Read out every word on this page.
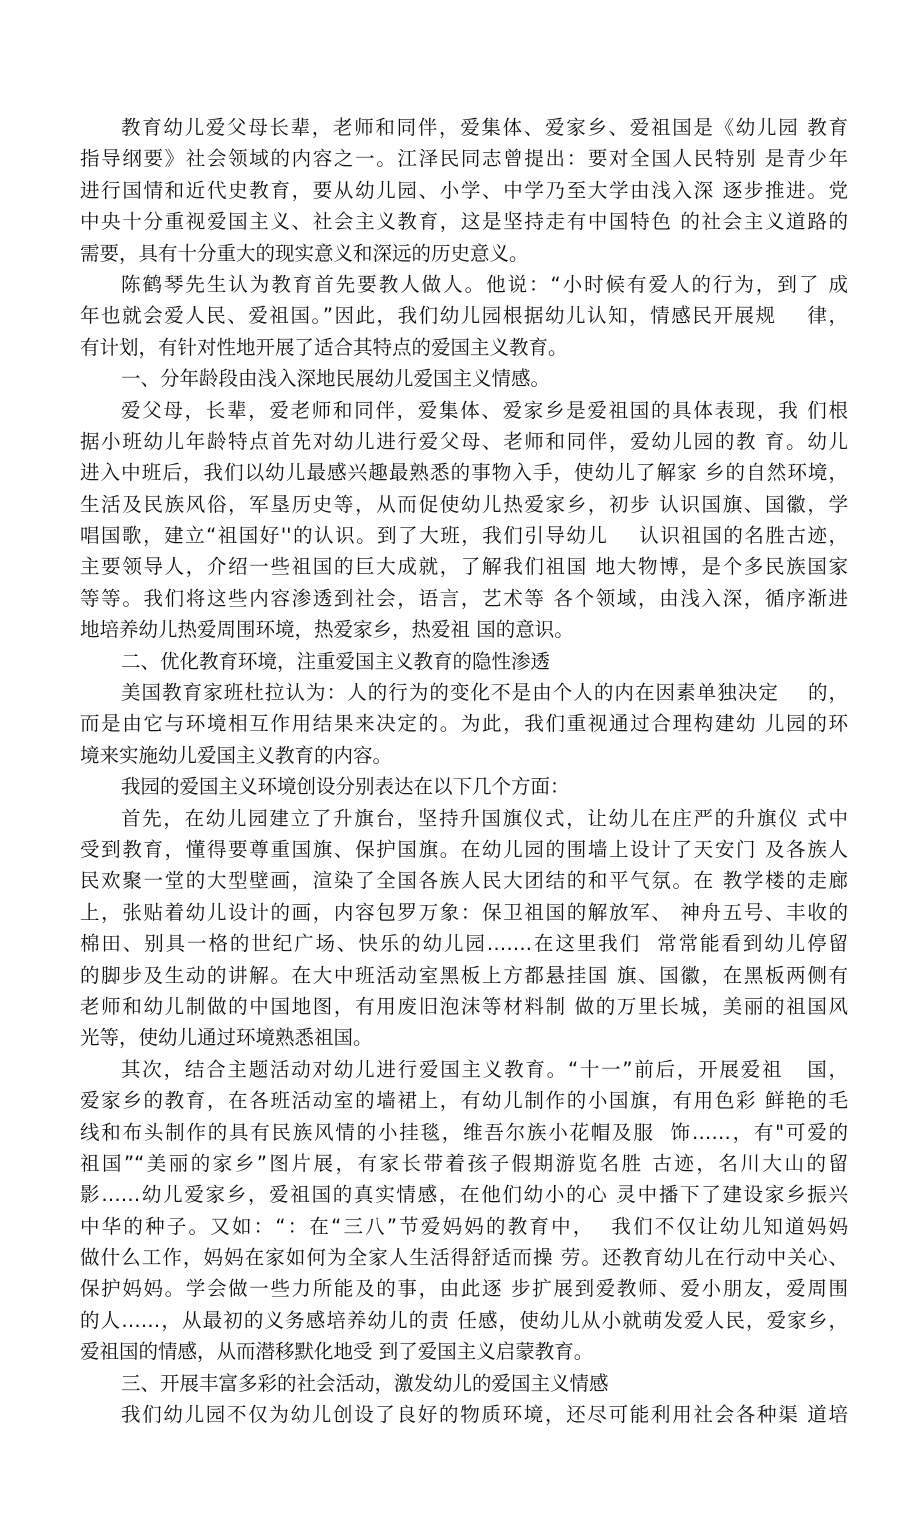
教育幼儿爱父母长辈，老师和同伴，爱集体、爱家乡、爱祖国是《幼儿园 教育
指导纲要》社会领域的内容之一。江泽民同志曾提出：要对全国人民特别 是青少年
进行国情和近代史教育，要从幼儿园、小学、中学乃至大学由浅入深 逐步推进。党
中央十分重视爱国主义、社会主义教育，这是坚持走有中国特色 的社会主义道路的
需要，具有十分重大的现实意义和深远的历史意义。
陈鹤琴先生认为教育首先要教人做人。他说：“小时候有爱人的行为，到了 成
年也就会爱人民、爱祖国。”因此，我们幼儿园根据幼儿认知，情感民开展规    律，
有计划，有针对性地开展了适合其特点的爱国主义教育。
一、分年龄段由浅入深地民展幼儿爱国主义情感。
爱父母，长辈，爱老师和同伴，爱集体、爱家乡是爱祖国的具体表现，我 们根
据小班幼儿年龄特点首先对幼儿进行爱父母、老师和同伴，爱幼儿园的教 育。幼儿
进入中班后，我们以幼儿最感兴趣最熟悉的事物入手，使幼儿了解家 乡的自然环境，
生活及民族风俗，军垦历史等，从而促使幼儿热爱家乡，初步 认识国旗、国徽，学
唱国歌，建立“祖国好''的认识。到了大班，我们引导幼儿    认识祖国的名胜古迹，
主要领导人，介绍一些祖国的巨大成就，了解我们祖国 地大物博，是个多民族国家
等等。我们将这些内容渗透到社会，语言，艺术等 各个领域，由浅入深，循序渐进
地培养幼儿热爱周围环境，热爱家乡，热爱祖 国的意识。
二、优化教育环境，注重爱国主义教育的隐性渗透
美国教育家班杜拉认为：人的行为的变化不是由个人的内在因素单独决定    的，
而是由它与环境相互作用结果来决定的。为此，我们重视通过合理构建幼 儿园的环
境来实施幼儿爱国主义教育的内容。
我园的爱国主义环境创设分别表达在以下几个方面：
首先，在幼儿园建立了升旗台，坚持升国旗仪式，让幼儿在庄严的升旗仪 式中
受到教育，懂得要尊重国旗、保护国旗。在幼儿园的围墙上设计了天安门 及各族人
民欢聚一堂的大型壁画，渲染了全国各族人民大团结的和平气氛。在 教学楼的走廊
上，张贴着幼儿设计的画，内容包罗万象：保卫祖国的解放军、 神舟五号、丰收的
棉田、别具一格的世纪广场、快乐的幼儿园…….在这里我们  常常能看到幼儿停留
的脚步及生动的讲解。在大中班活动室黑板上方都悬挂国 旗、国徽，在黑板两侧有
老师和幼儿制做的中国地图，有用废旧泡沫等材料制 做的万里长城，美丽的祖国风
光等，使幼儿通过环境熟悉祖国。
其次，结合主题活动对幼儿进行爱国主义教育。“十一”前后，开展爱祖   国，
爱家乡的教育，在各班活动室的墙裙上，有幼儿制作的小国旗，有用色彩 鲜艳的毛
线和布头制作的具有民族风情的小挂毯，维吾尔族小花帽及服  饰……，有"可爱的
祖国”“美丽的家乡”图片展，有家长带着孩子假期游览名胜 古迹，名川大山的留
影……幼儿爱家乡，爱祖国的真实情感，在他们幼小的心 灵中播下了建设家乡振兴
中华的种子。又如：“：在“三八”节爱妈妈的教育中，  我们不仅让幼儿知道妈妈
做什么工作，妈妈在家如何为全家人生活得舒适而操 劳。还教育幼儿在行动中关心、
保护妈妈。学会做一些力所能及的事，由此逐 步扩展到爱教师、爱小朋友，爱周围
的人……，从最初的义务感培养幼儿的责 任感，使幼儿从小就萌发爱人民，爱家乡，
爱祖国的情感，从而潜移默化地受 到了爱国主义启蒙教育。
三、开展丰富多彩的社会活动，激发幼儿的爱国主义情感
我们幼儿园不仅为幼儿创设了良好的物质环境，还尽可能利用社会各种渠 道培
